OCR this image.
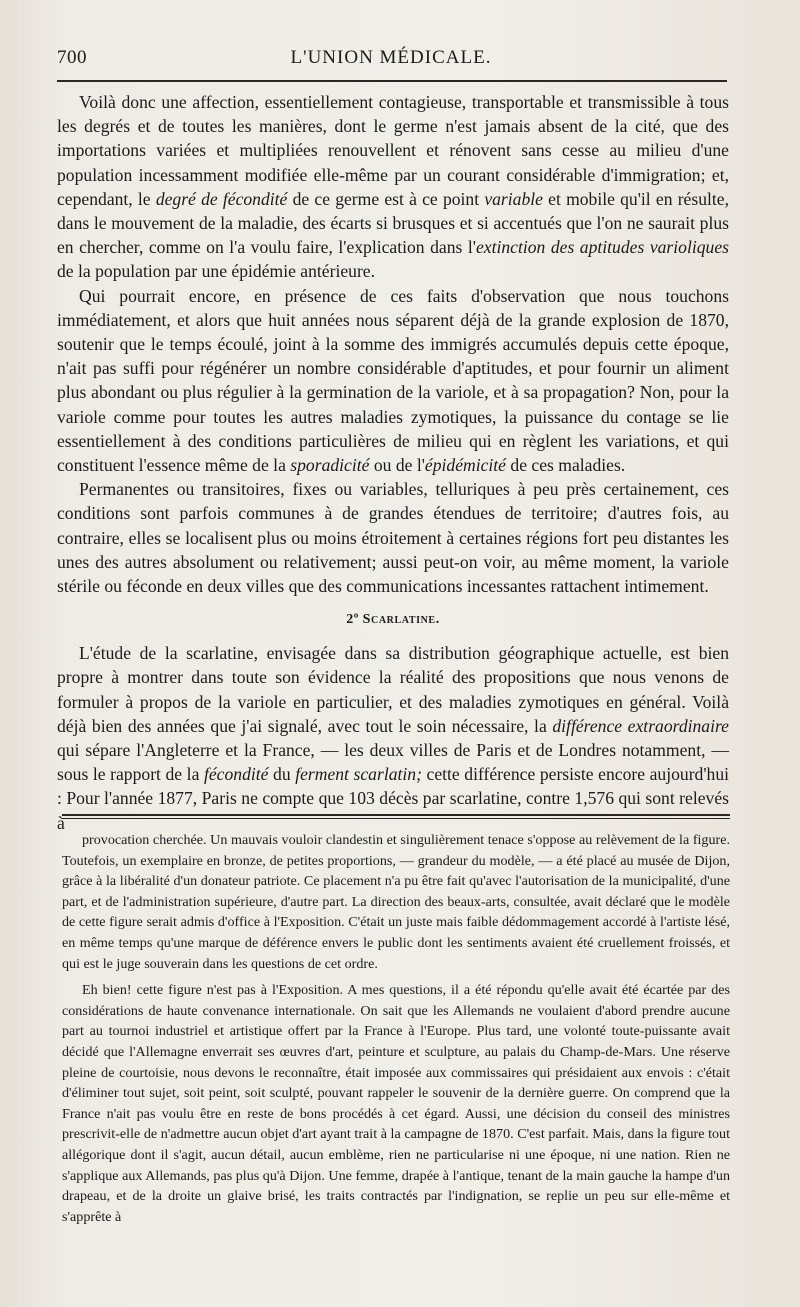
700	L'UNION MÉDICALE.

Voilà donc une affection, essentiellement contagieuse, transportable et transmissible à tous les degrés et de toutes les manières, dont le germe n'est jamais absent de la cité, que des importations variées et multipliées renouvellent et rénovent sans cesse au milieu d'une population incessamment modifiée elle-même par un courant considérable d'immigration; et, cependant, le degré de fécondité de ce germe est à ce point variable et mobile qu'il en résulte, dans le mouvement de la maladie, des écarts si brusques et si accentués que l'on ne saurait plus en chercher, comme on l'a voulu faire, l'explication dans l'extinction des aptitudes varioliques de la population par une épidémie antérieure.

Qui pourrait encore, en présence de ces faits d'observation que nous touchons immédiatement, et alors que huit années nous séparent déjà de la grande explosion de 1870, soutenir que le temps écoulé, joint à la somme des immigrés accumulés depuis cette époque, n'ait pas suffi pour régénérer un nombre considérable d'aptitudes, et pour fournir un aliment plus abondant ou plus régulier à la germination de la variole, et à sa propagation? Non, pour la variole comme pour toutes les autres maladies zymotiques, la puissance du contage se lie essentiellement à des conditions particulières de milieu qui en règlent les variations, et qui constituent l'essence même de la sporadicité ou de l'épidémicité de ces maladies.

Permanentes ou transitoires, fixes ou variables, telluriques à peu près certainement, ces conditions sont parfois communes à de grandes étendues de territoire; d'autres fois, au contraire, elles se localisent plus ou moins étroitement à certaines régions fort peu distantes les unes des autres absolument ou relativement; aussi peut-on voir, au même moment, la variole stérile ou féconde en deux villes que des communications incessantes rattachent intimement.

2º Scarlatine.

L'étude de la scarlatine, envisagée dans sa distribution géographique actuelle, est bien propre à montrer dans toute son évidence la réalité des propositions que nous venons de formuler à propos de la variole en particulier, et des maladies zymotiques en général. Voilà déjà bien des années que j'ai signalé, avec tout le soin nécessaire, la différence extraordinaire qui sépare l'Angleterre et la France, — les deux villes de Paris et de Londres notamment, — sous le rapport de la fécondité du ferment scarlatin; cette différence persiste encore aujourd'hui : Pour l'année 1877, Paris ne compte que 103 décès par scarlatine, contre 1,576 qui sont relevés à

provocation cherchée. Un mauvais vouloir clandestin et singulièrement tenace s'oppose au relèvement de la figure. Toutefois, un exemplaire en bronze, de petites proportions, — grandeur du modèle, — a été placé au musée de Dijon, grâce à la libéralité d'un donateur patriote. Ce placement n'a pu être fait qu'avec l'autorisation de la municipalité, d'une part, et de l'administration supérieure, d'autre part. La direction des beaux-arts, consultée, avait déclaré que le modèle de cette figure serait admis d'office à l'Exposition. C'était un juste mais faible dédommagement accordé à l'artiste lésé, en même temps qu'une marque de déférence envers le public dont les sentiments avaient été cruellement froissés, et qui est le juge souverain dans les questions de cet ordre.

Eh bien! cette figure n'est pas à l'Exposition. A mes questions, il a été répondu qu'elle avait été écartée par des considérations de haute convenance internationale. On sait que les Allemands ne voulaient d'abord prendre aucune part au tournoi industriel et artistique offert par la France à l'Europe. Plus tard, une volonté toute-puissante avait décidé que l'Allemagne enverrait ses œuvres d'art, peinture et sculpture, au palais du Champ-de-Mars. Une réserve pleine de courtoisie, nous devons le reconnaître, était imposée aux commissaires qui présidaient aux envois : c'était d'éliminer tout sujet, soit peint, soit sculpté, pouvant rappeler le souvenir de la dernière guerre. On comprend que la France n'ait pas voulu être en reste de bons procédés à cet égard. Aussi, une décision du conseil des ministres prescrivit-elle de n'admettre aucun objet d'art ayant trait à la campagne de 1870. C'est parfait. Mais, dans la figure tout allégorique dont il s'agit, aucun détail, aucun emblème, rien ne particularise ni une époque, ni une nation. Rien ne s'applique aux Allemands, pas plus qu'à Dijon. Une femme, drapée à l'antique, tenant de la main gauche la hampe d'un drapeau, et de la droite un glaive brisé, les traits contractés par l'indignation, se replie un peu sur elle-même et s'apprête à
